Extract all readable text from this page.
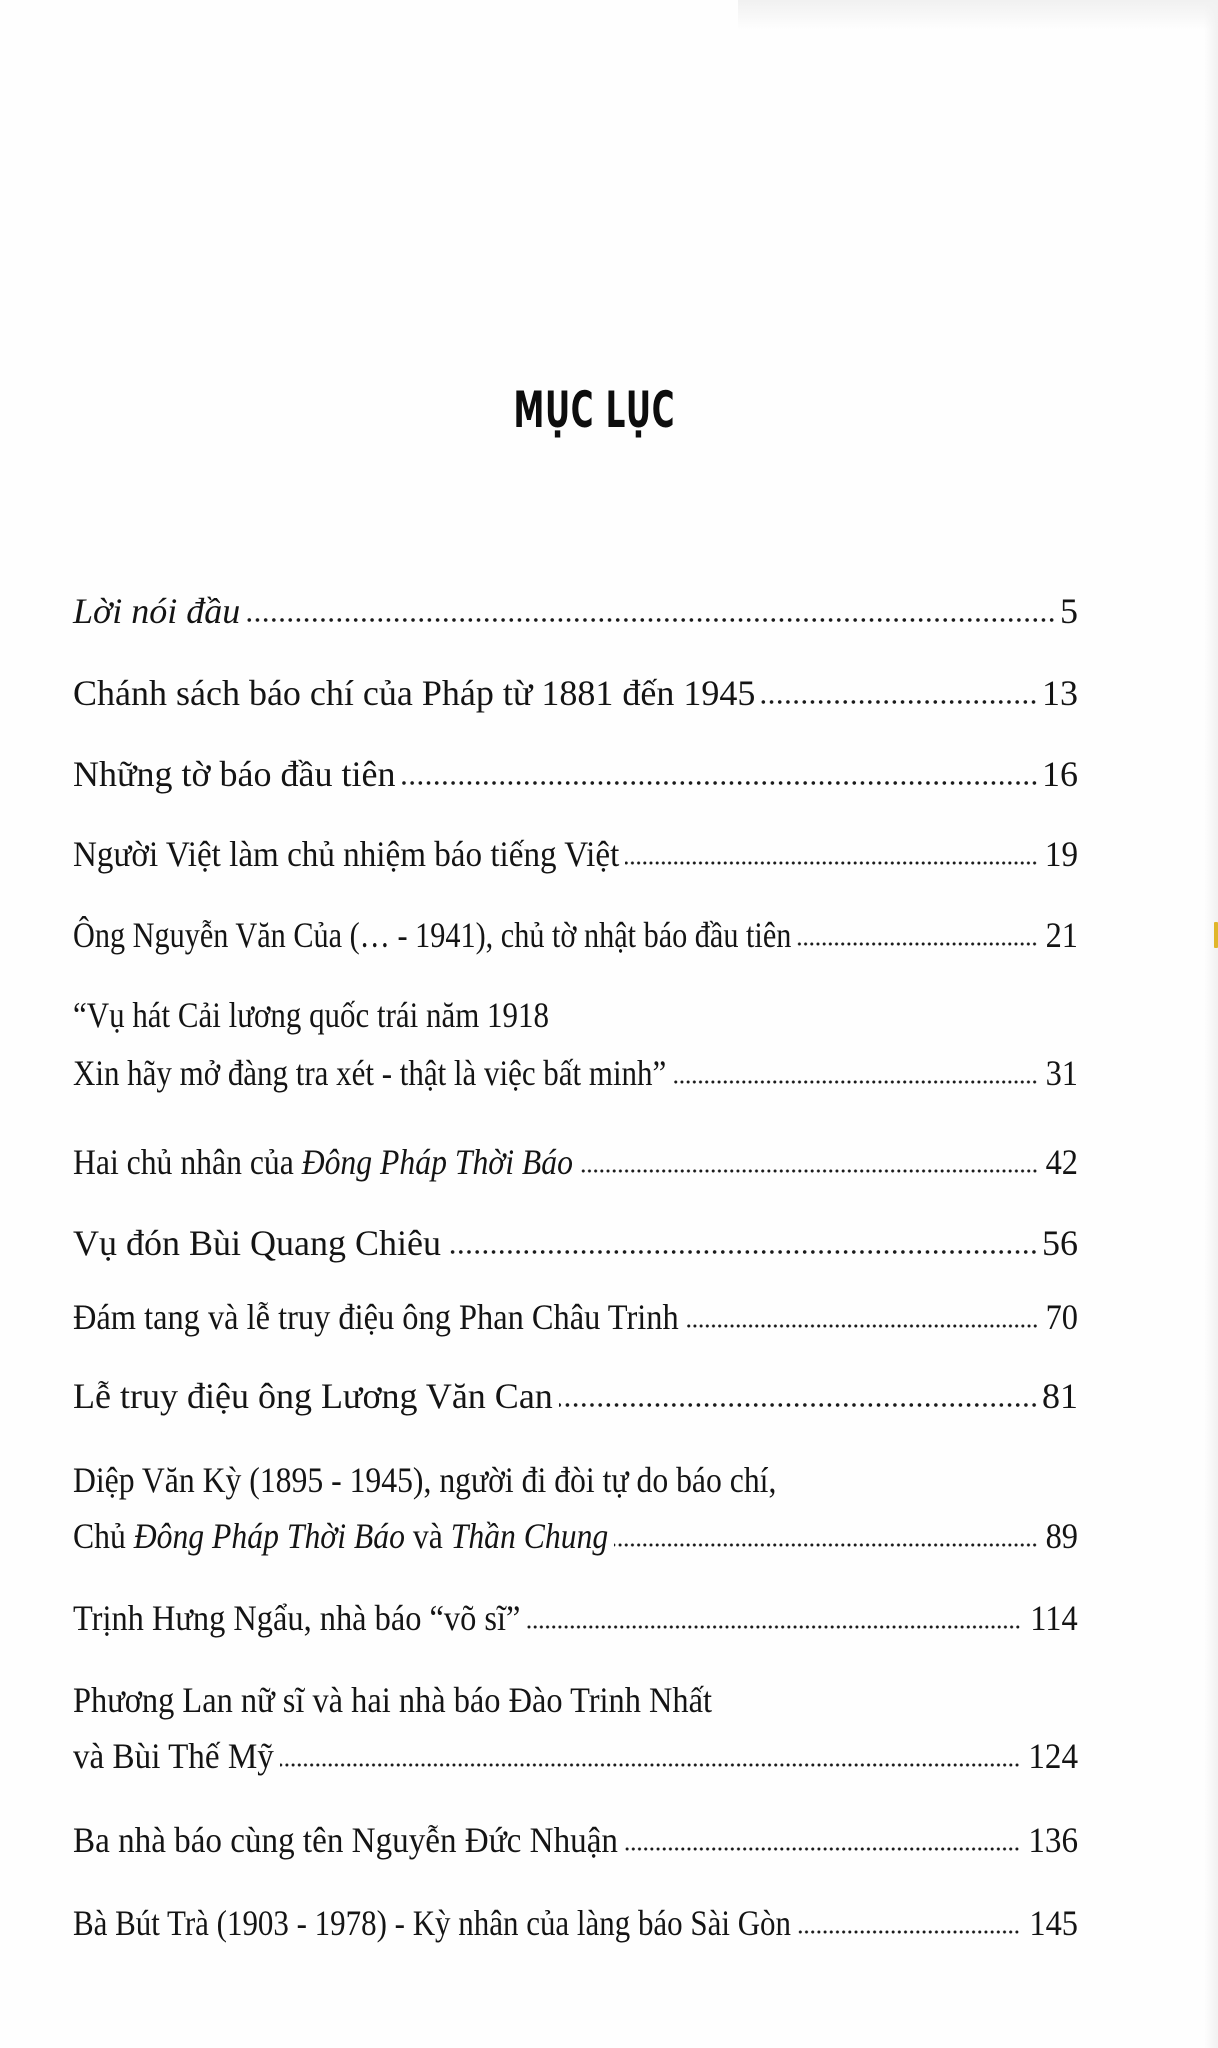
MỤC LỤC
Lời nói đầu	5
Chánh sách báo chí của Pháp từ 1881 đến 1945	13
Những tờ báo đầu tiên	16
Người Việt làm chủ nhiệm báo tiếng Việt	19
Ông Nguyễn Văn Của (… - 1941), chủ tờ nhật báo đầu tiên	21
“Vụ hát Cải lương quốc trái năm 1918
Xin hãy mở đàng tra xét - thật là việc bất minh”	31
Hai chủ nhân của Đông Pháp Thời Báo	42
Vụ đón Bùi Quang Chiêu	56
Đám tang và lễ truy điệu ông Phan Châu Trinh	70
Lễ truy điệu ông Lương Văn Can	81
Diệp Văn Kỳ (1895 - 1945), người đi đòi tự do báo chí,
Chủ Đông Pháp Thời Báo và Thần Chung	89
Trịnh Hưng Ngẩu, nhà báo “võ sĩ”	114
Phương Lan nữ sĩ và hai nhà báo Đào Trinh Nhất
và Bùi Thế Mỹ	124
Ba nhà báo cùng tên Nguyễn Đức Nhuận	136
Bà Bút Trà (1903 - 1978) - Kỳ nhân của làng báo Sài Gòn	145
